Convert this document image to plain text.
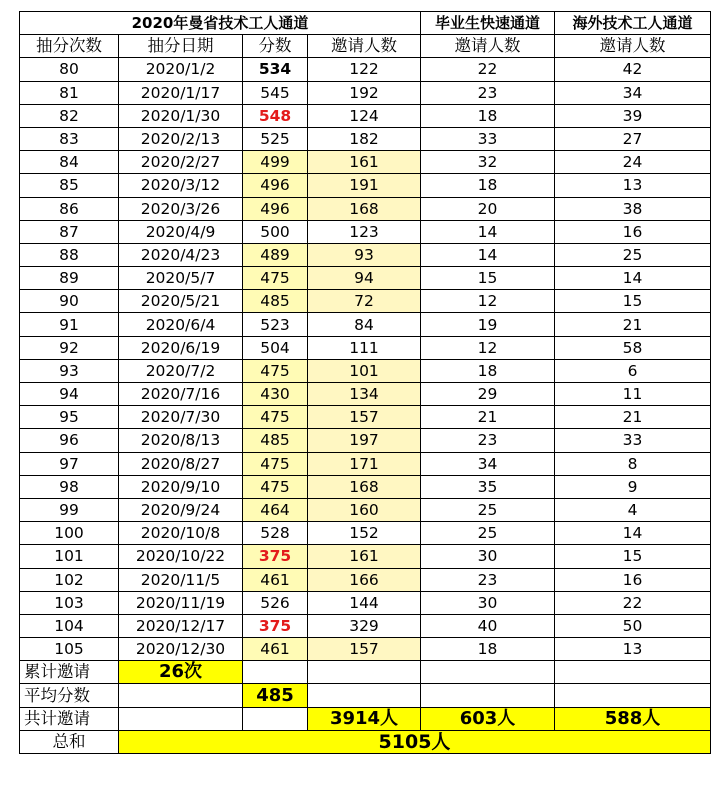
2020年曼省技术工人通道				毕业生快速通道	海外技术工人通道
抽分次数	抽分日期	分数	邀请人数	邀请人数	邀请人数
80	2020/1/2	534	122	22	42
81	2020/1/17	545	192	23	34
82	2020/1/30	548	124	18	39
83	2020/2/13	525	182	33	27
84	2020/2/27	499	161	32	24
85	2020/3/12	496	191	18	13
86	2020/3/26	496	168	20	38
87	2020/4/9	500	123	14	16
88	2020/4/23	489	93	14	25
89	2020/5/7	475	94	15	14
90	2020/5/21	485	72	12	15
91	2020/6/4	523	84	19	21
92	2020/6/19	504	111	12	58
93	2020/7/2	475	101	18	6
94	2020/7/16	430	134	29	11
95	2020/7/30	475	157	21	21
96	2020/8/13	485	197	23	33
97	2020/8/27	475	171	34	8
98	2020/9/10	475	168	35	9
99	2020/9/24	464	160	25	4
100	2020/10/8	528	152	25	14
101	2020/10/22	375	161	30	15
102	2020/11/5	461	166	23	16
103	2020/11/19	526	144	30	22
104	2020/12/17	375	329	40	50
105	2020/12/30	461	157	18	13
累计邀请	26次				
平均分数		485			
共计邀请			3914人	603人	588人
总和	5105人				
